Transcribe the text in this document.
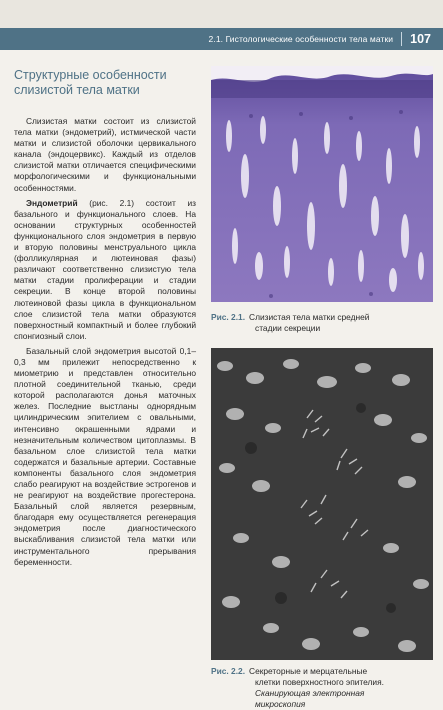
2.1. Гистологические особенности тела матки 107
Структурные особенности слизистой тела матки

Слизистая матки состоит из слизистой тела матки (эндометрий), истмической части матки и слизистой оболочки цервикального канала (эндоцервикс). Каждый из отделов слизистой матки отличается специфическими морфологическими и функциональными особенностями.

Эндометрий (рис. 2.1) состоит из базального и функционального слоев. На основании структурных особенностей функционального слоя эндометрия в первую и вторую половины менструального цикла (фолликулярная и лютеиновая фазы) различают соответственно слизистую тела матки стадии пролиферации и стадии секреции. В конце второй половины лютеиновой фазы цикла в функциональном слое слизистой тела матки образуются поверхностный компактный и более глубокий спонгиозный слои.

Базальный слой эндометрия высотой 0,1–0,3 мм прилежит непосредственно к миометрию и представлен относительно плотной соединительной тканью, среди которой располагаются донья маточных желез. Последние выстланы однорядным цилиндрическим эпителием с овальными, интенсивно окрашенными ядрами и незначительным количеством цитоплазмы. В базальном слое слизистой тела матки содержатся и базальные артерии. Составные компоненты базального слоя эндометрия слабо реагируют на воздействие эстрогенов и не реагируют на воздействие прогестерона. Базальный слой является резервным, благодаря ему осуществляется регенерация эндометрия после диагностического выскабливания слизистой тела матки или инструментального прерывания беременности.

Рис. 2.1. Слизистая тела матки средней
стадии секреции
Рис. 2.2. Секреторные и мерцательные
клетки поверхностного эпителия.
Сканирующая электронная
микроскопия
